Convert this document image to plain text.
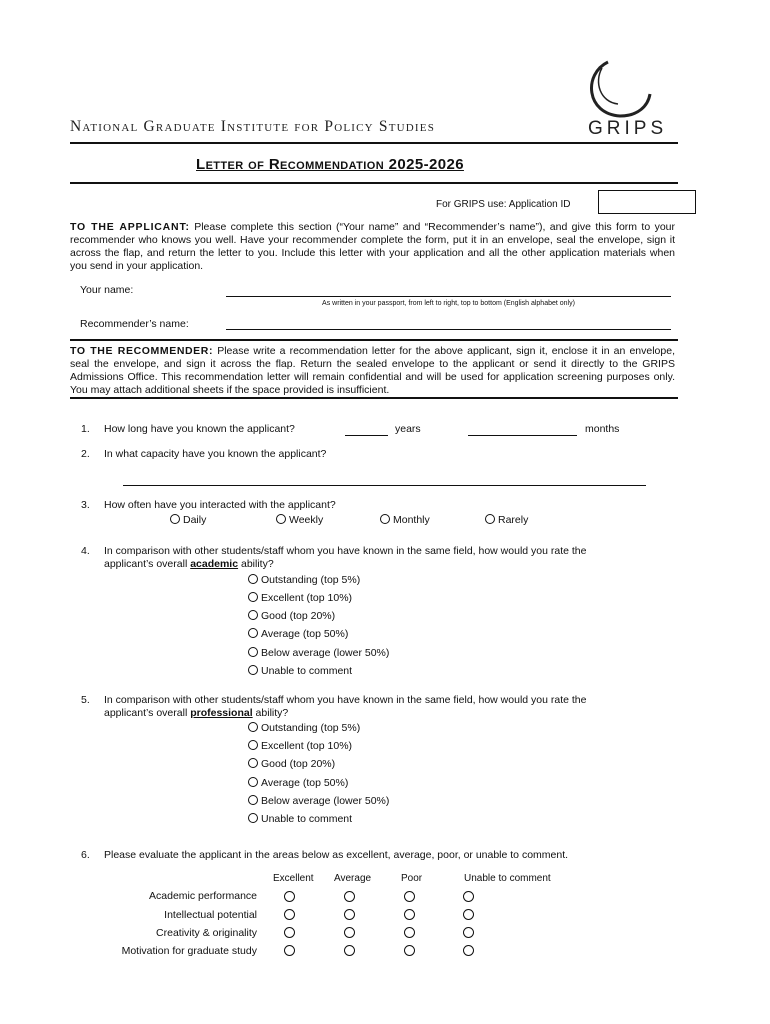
National Graduate Institute for Policy Studies	GRIPS
Letter of Recommendation 2025-2026
For GRIPS use: Application ID
TO THE APPLICANT: Please complete this section (“Your name” and “Recommender’s name”), and give this form to your recommender who knows you well. Have your recommender complete the form, put it in an envelope, seal the envelope, sign it across the flap, and return the letter to you. Include this letter with your application and all the other application materials when you send in your application.
Your name:
As written in your passport, from left to right, top to bottom (English alphabet only)
Recommender’s name:
TO THE RECOMMENDER: Please write a recommendation letter for the above applicant, sign it, enclose it in an envelope, seal the envelope, and sign it across the flap. Return the sealed envelope to the applicant or send it directly to the GRIPS Admissions Office. This recommendation letter will remain confidential and will be used for application screening purposes only. You may attach additional sheets if the space provided is insufficient.
1. How long have you known the applicant?	years	months
2. In what capacity have you known the applicant?
3. How often have you interacted with the applicant?
Daily	Weekly	Monthly	Rarely
4. In comparison with other students/staff whom you have known in the same field, how would you rate the
applicant’s overall academic ability?
Outstanding (top 5%)
Excellent (top 10%)
Good (top 20%)
Average (top 50%)
Below average (lower 50%)
Unable to comment
5. In comparison with other students/staff whom you have known in the same field, how would you rate the
applicant’s overall professional ability?
Outstanding (top 5%)
Excellent (top 10%)
Good (top 20%)
Average (top 50%)
Below average (lower 50%)
Unable to comment
6. Please evaluate the applicant in the areas below as excellent, average, poor, or unable to comment.
Excellent Average	Poor	Unable to comment
Academic performance
Intellectual potential
Creativity & originality
Motivation for graduate study
